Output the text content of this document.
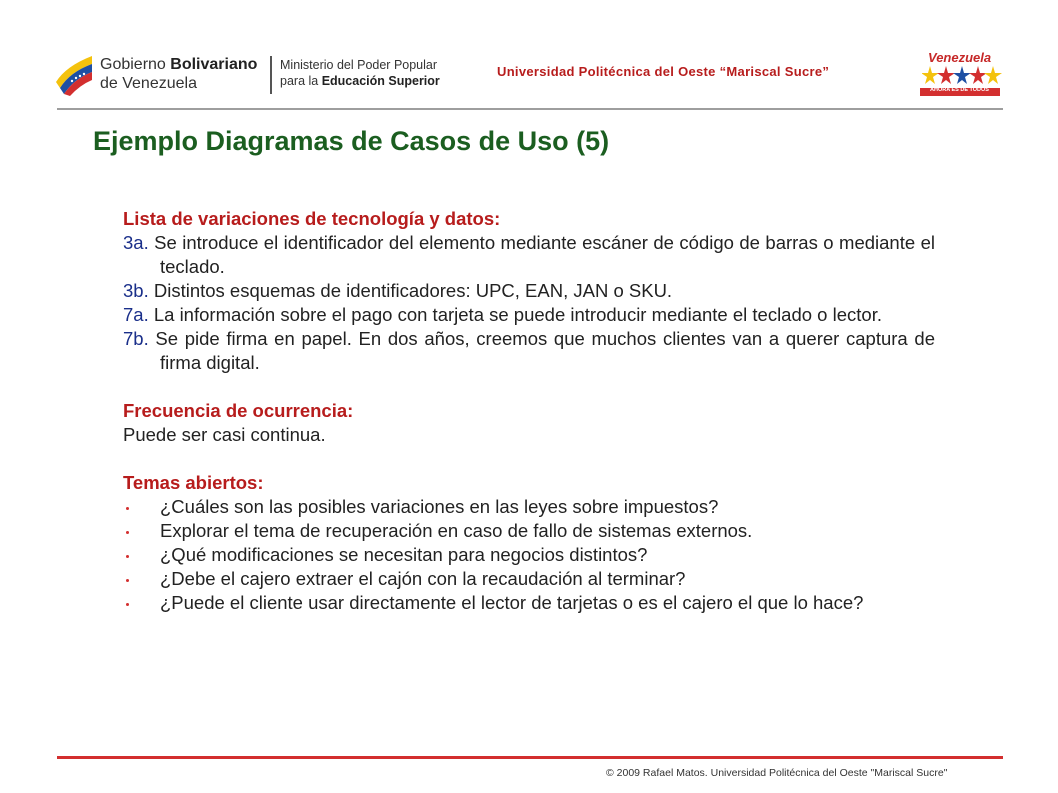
Gobierno Bolivariano
de Venezuela
Ministerio del Poder Popular
para la Educación Superior
Universidad Politécnica del Oeste “Mariscal Sucre”
Venezuela
AHORA ES DE TODOS
Ejemplo Diagramas de Casos de Uso (5)
Lista de variaciones de tecnología y datos:
3a. Se introduce el identificador del elemento mediante escáner de código de barras o mediante el teclado.
3b. Distintos esquemas de identificadores: UPC, EAN, JAN o SKU.
7a. La información sobre el pago con tarjeta se puede introducir mediante el teclado o lector.
7b. Se pide firma en papel. En dos años, creemos que muchos clientes van a querer captura de firma digital.
Frecuencia de ocurrencia:
Puede ser casi continua.
Temas abiertos:
¿Cuáles son las posibles variaciones en las leyes sobre impuestos?
Explorar el tema de recuperación en caso de fallo de sistemas externos.
¿Qué modificaciones se necesitan para negocios distintos?
¿Debe el cajero extraer el cajón con la recaudación al terminar?
¿Puede el cliente usar directamente el lector de tarjetas o es el cajero el que lo hace?
© 2009 Rafael Matos. Universidad Politécnica del Oeste "Mariscal Sucre"
